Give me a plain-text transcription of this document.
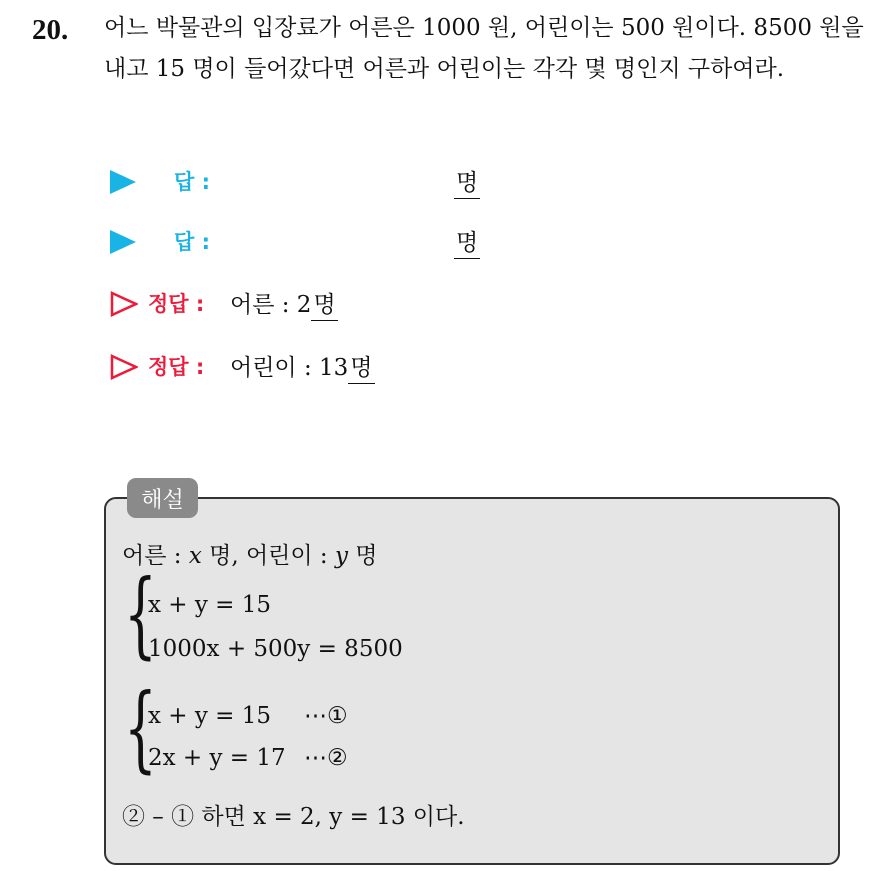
20. 어느 박물관의 입장료가 어른은 1000 원, 어린이는 500 원이다. 8500 원을 내고 15 명이 들어갔다면 어른과 어린이는 각각 몇 명인지 구하여라.

답 :	명
답 :	명
정답 : 어른 : 2명
정답 : 어린이 : 13명
해설
어른 : x 명, 어린이 : y 명
{
x + y = 15
1000x + 500y = 8500
{
x + y = 15 ⋯①
2x + y = 17 ⋯②
② – ① 하면 x = 2, y = 13 이다.
